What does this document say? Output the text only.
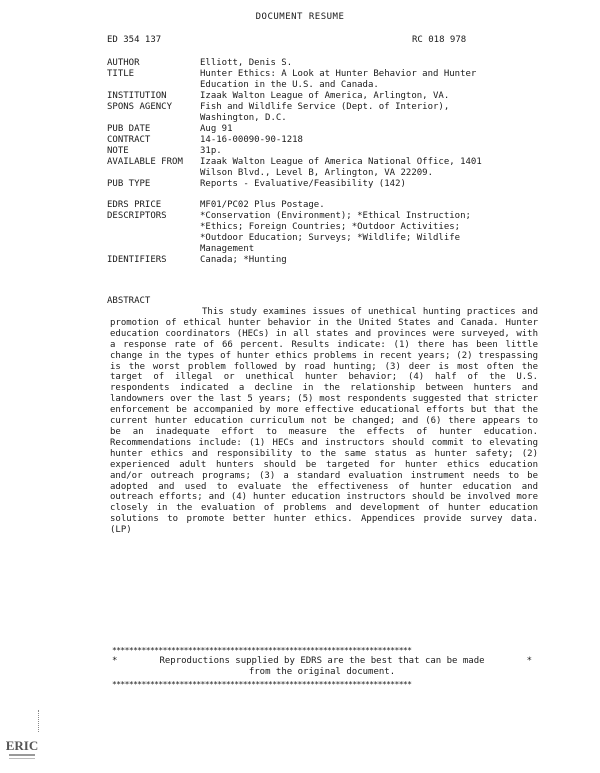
DOCUMENT RESUME
ED 354 137	RC 018 978
AUTHOR	Elliott, Denis S.
TITLE	Hunter Ethics: A Look at Hunter Behavior and Hunter
Education in the U.S. and Canada.
INSTITUTION	Izaak Walton League of America, Arlington, VA.
SPONS AGENCY	Fish and Wildlife Service (Dept. of Interior),
Washington, D.C.
PUB DATE	Aug 91
CONTRACT	14-16-00090-90-1218
NOTE	31p.
AVAILABLE FROM	Izaak Walton League of America National Office, 1401
Wilson Blvd., Level B, Arlington, VA 22209.
PUB TYPE	Reports - Evaluative/Feasibility (142)
EDRS PRICE	MF01/PC02 Plus Postage.
DESCRIPTORS	*Conservation (Environment); *Ethical Instruction;
*Ethics; Foreign Countries; *Outdoor Activities;
*Outdoor Education; Surveys; *Wildlife; Wildlife
Management
IDENTIFIERS	Canada; *Hunting
ABSTRACT
This study examines issues of unethical hunting practices and promotion of ethical hunter behavior in the United States and Canada. Hunter education coordinators (HECs) in all states and provinces were surveyed, with a response rate of 66 percent. Results indicate: (1) there has been little change in the types of hunter ethics problems in recent years; (2) trespassing is the worst problem followed by road hunting; (3) deer is most often the target of illegal or unethical hunter behavior; (4) half of the U.S. respondents indicated a decline in the relationship between hunters and landowners over the last 5 years; (5) most respondents suggested that stricter enforcement be accompanied by more effective educational efforts but that the current hunter education curriculum not be changed; and (6) there appears to be an inadequate effort to measure the effects of hunter education. Recommendations include: (1) HECs and instructors should commit to elevating hunter ethics and responsibility to the same status as hunter safety; (2) experienced adult hunters should be targeted for hunter ethics education and/or outreach programs; (3) a standard evaluation instrument needs to be adopted and used to evaluate the effectiveness of hunter education and outreach efforts; and (4) hunter education instructors should be involved more closely in the evaluation of problems and development of hunter education solutions to promote better hunter ethics. Appendices provide survey data. (LP)
***********************************************************************
*	*
Reproductions supplied by EDRS are the best that can be made
from the original document.
***********************************************************************
ERIC
